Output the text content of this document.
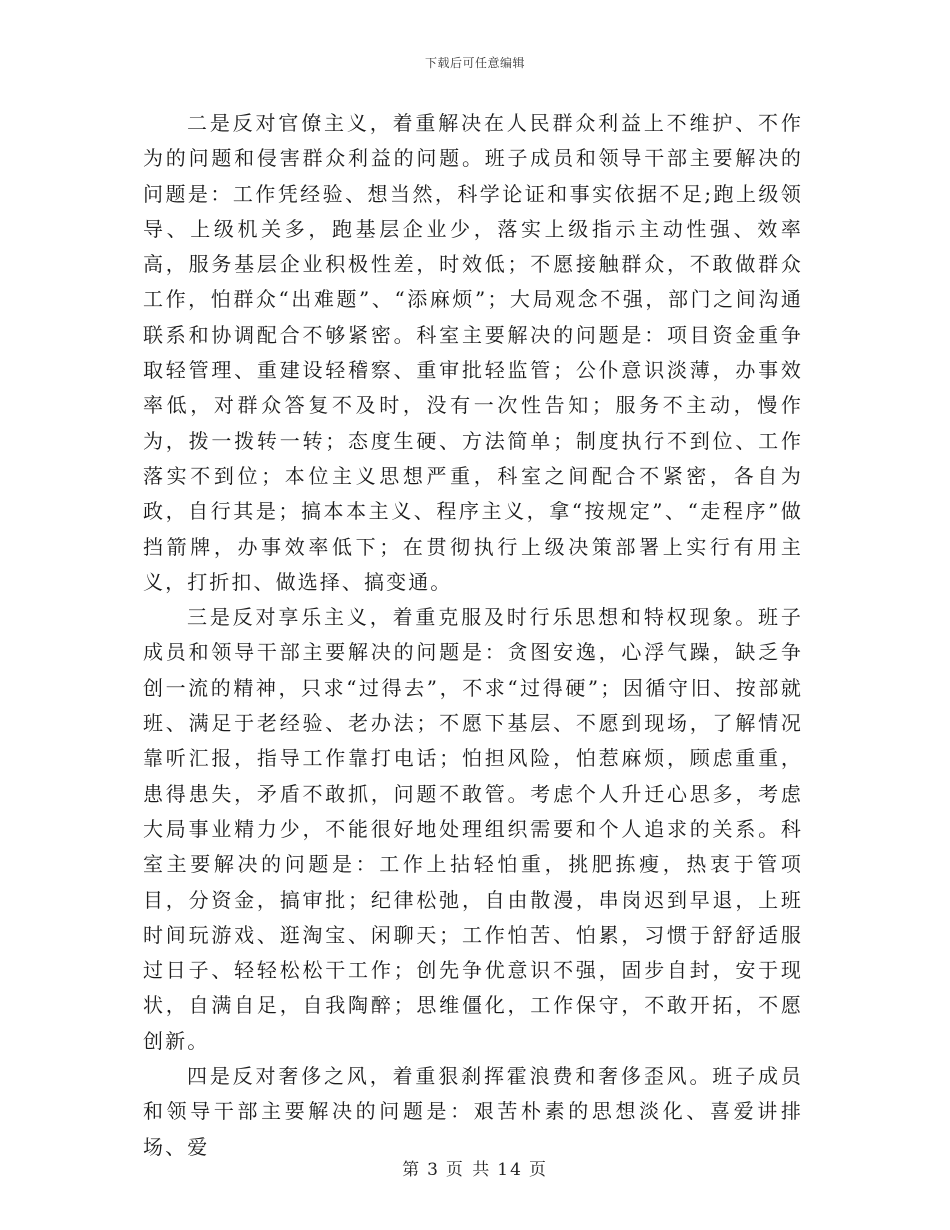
下载后可任意编辑

二是反对官僚主义，着重解决在人民群众利益上不维护、不作为的问题和侵害群众利益的问题。班子成员和领导干部主要解决的问题是：工作凭经验、想当然，科学论证和事实依据不足;跑上级领导、上级机关多，跑基层企业少，落实上级指示主动性强、效率高，服务基层企业积极性差，时效低；不愿接触群众，不敢做群众工作，怕群众“出难题”、“添麻烦”；大局观念不强，部门之间沟通联系和协调配合不够紧密。科室主要解决的问题是：项目资金重争取轻管理、重建设轻稽察、重审批轻监管；公仆意识淡薄，办事效率低，对群众答复不及时，没有一次性告知；服务不主动，慢作为，拨一拨转一转；态度生硬、方法简单；制度执行不到位、工作落实不到位；本位主义思想严重，科室之间配合不紧密，各自为政，自行其是；搞本本主义、程序主义，拿“按规定”、“走程序”做挡箭牌，办事效率低下；在贯彻执行上级决策部署上实行有用主义，打折扣、做选择、搞变通。

三是反对享乐主义，着重克服及时行乐思想和特权现象。班子成员和领导干部主要解决的问题是：贪图安逸，心浮气躁，缺乏争创一流的精神，只求“过得去”，不求“过得硬”；因循守旧、按部就班、满足于老经验、老办法；不愿下基层、不愿到现场，了解情况靠听汇报，指导工作靠打电话；怕担风险，怕惹麻烦，顾虑重重，患得患失，矛盾不敢抓，问题不敢管。考虑个人升迁心思多，考虑大局事业精力少，不能很好地处理组织需要和个人追求的关系。科室主要解决的问题是：工作上拈轻怕重，挑肥拣瘦，热衷于管项目，分资金，搞审批；纪律松弛，自由散漫，串岗迟到早退，上班时间玩游戏、逛淘宝、闲聊天；工作怕苦、怕累，习惯于舒舒适服过日子、轻轻松松干工作；创先争优意识不强，固步自封，安于现状，自满自足，自我陶醉；思维僵化，工作保守，不敢开拓，不愿创新。

四是反对奢侈之风，着重狠刹挥霍浪费和奢侈歪风。班子成员和领导干部主要解决的问题是：艰苦朴素的思想淡化、喜爱讲排场、爱

第 3 页 共 14 页
